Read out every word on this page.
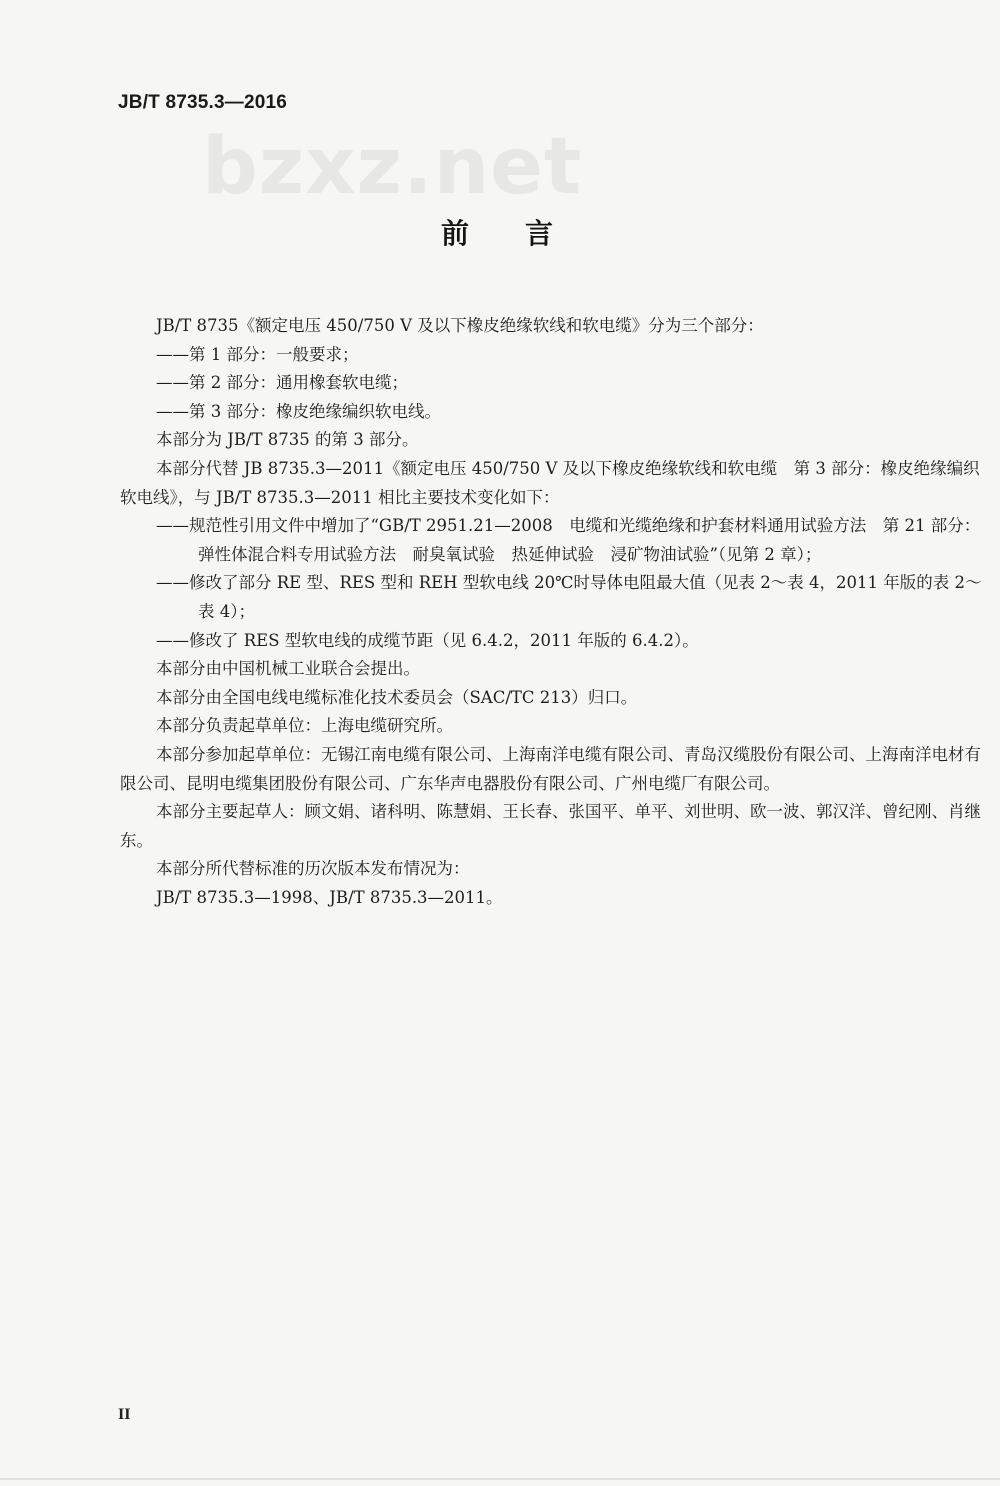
JB/T 8735.3—2016
bzxz.net
前言

JB/T 8735《额定电压 450/750 V 及以下橡皮绝缘软线和软电缆》分为三个部分：

——第 1 部分：一般要求；

——第 2 部分：通用橡套软电缆；

——第 3 部分：橡皮绝缘编织软电线。

本部分为 JB/T 8735 的第 3 部分。

本部分代替 JB 8735.3—2011《额定电压 450/750 V 及以下橡皮绝缘软线和软电缆　第 3 部分：橡皮绝缘编织软电线》，与 JB/T 8735.3—2011 相比主要技术变化如下：

——规范性引用文件中增加了“GB/T 2951.21—2008　电缆和光缆绝缘和护套材料通用试验方法　第 21 部分：弹性体混合料专用试验方法　耐臭氧试验　热延伸试验　浸矿物油试验”（见第 2 章）；

——修改了部分 RE 型、RES 型和 REH 型软电线 20℃时导体电阻最大值（见表 2～表 4，2011 年版的表 2～表 4）；

——修改了 RES 型软电线的成缆节距（见 6.4.2，2011 年版的 6.4.2）。

本部分由中国机械工业联合会提出。

本部分由全国电线电缆标准化技术委员会（SAC/TC 213）归口。

本部分负责起草单位：上海电缆研究所。

本部分参加起草单位：无锡江南电缆有限公司、上海南洋电缆有限公司、青岛汉缆股份有限公司、上海南洋电材有限公司、昆明电缆集团股份有限公司、广东华声电器股份有限公司、广州电缆厂有限公司。

本部分主要起草人：顾文娟、诸科明、陈慧娟、王长春、张国平、单平、刘世明、欧一波、郭汉洋、曾纪刚、肖继东。

本部分所代替标准的历次版本发布情况为：

JB/T 8735.3—1998、JB/T 8735.3—2011。

II
